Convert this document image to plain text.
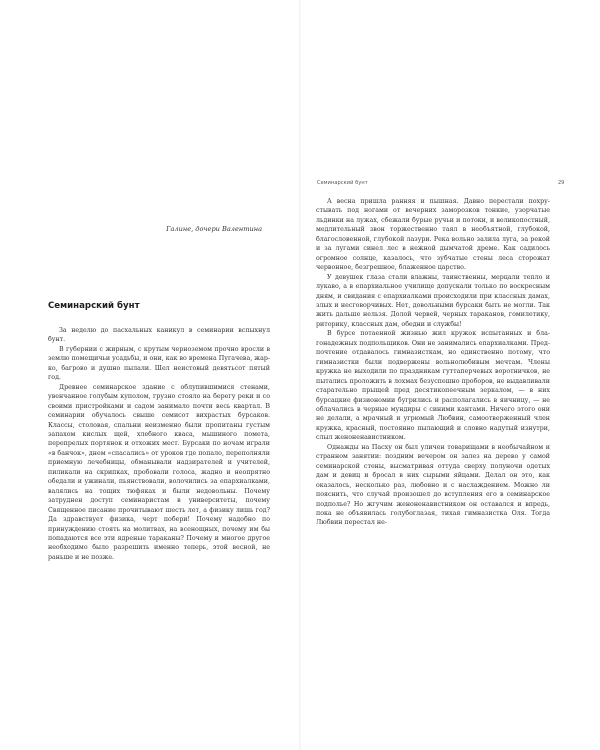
Галине, дочери Валентина
Семинарский бунт

За неделю до пасхальных каникул в семинарии вспыхнул бунт.

В губернии с жирным, с крутым черноземом прочно вросли в землю помещичьи усадьбы, и они, как во времена Пугачева, жарко, багрово и душно пылали. Шел неистовый девятьсот пятый год.

Древнее семинарское здание с облупившимися стенами, увенчанное голубым куполом, грузно стояло на берегу реки и со своими пристройками и садом занимало почти весь квартал. В семинарии обучалось свыше семисот вихрастых бурсаков. Классы, столовая, спальни неизменно были пропитаны густым запахом кислых щей, хлебного кваса, мышиного помета, перепрелых портянок и отхожих мест. Бурсаки по ночам играли «в банчок», днем «спасались» от уроков где попало, переполняли приемную лечебницы, обманывали надзирателей и учителей, пиликали на скрипках, пробовали голоса, жадно и неопрятно обедали и ужинали, пьянствовали, волочились за епархиалками, валялись на тощих тюфяках и были недовольны. Почему затруднен доступ семинаристам в университеты, почему Священное писание прочитывают шесть лет, а физику лишь год? Да здравствует физика, черт побери! Почему надобно по принуждению стоять на молитвах, на всенощных, почему им бы попадаются все эти ядреные тараканы? Почему и многое другое необходимо было разрешить именно теперь, этой весной, не раньше и не позже.

Семинарский бунт	29

А весна пришла ранняя и пышная. Давно перестали похрустывать под ногами от вечерних заморозков тонкие, узорчатые льдинки на лужах, сбежали бурые ручьи и потоки, и великопостный, медлительный звон торжественно таял в необъятной, глубокой, благословенной, глубокой лазури. Река вольно залила луга, за рекой и за лугами синел лес в нежной дымчатой дреме. Как садилось огромное солнце, казалось, что зубчатые стены леса сторожат червонное, безгрешное, блаженное царство.

У девушек глаза стали влажны, таинственны, мерцали тепло и лукаво, а в епархиальное училище допускали только по воскресным дням, и свидания с епархиалками происходили при классных дамах, злых и несговорчивых. Нет, довольными бурсаки быть не могли. Так жить дальше нельзя. Долой червей, черных тараканов, гомилетику, риторику, классных дам, обедни и службы!

В бурсе потаенной жизнью жил кружок испытанных и благонадежных подпольщиков. Они не занимались епархиалками. Предпочтение отдавалось гимназисткам, но единственно потому, что гимназистки были подвержены вольнолюбивым мечтам. Члены кружка не выходили по праздникам гуттаперчевых воротничков, не пытались проложить в лохмах безуспешно проборов, не выдавливали старательно прыщей пред десятикопеечным зеркалом, — в них бурсацкие физиономии бугрились и располагались в яичницу, — не облачались в черные мундиры с синими кантами. Ничего этого они не делали, а мрачный и угрюмый Любвин, самоотверженный член кружка, красный, постоянно пылающий и словно надутый изнутри, слыл женоненавистником.

Однажды на Пасху он был уличен товарищами в необычайном и странном занятии: поздним вечером он залез на дерево у самой семинарской стены, высматривая оттуда сверху полуночи одетых дам и девиц и бросал в них сырыми яйцами. Делал он это, как оказалось, несколько раз, любовно и с наслаждением. Можно ли пояснить, что случай произошел до вступления его в семинарское подполье? Но жгучим женоненавистником он оставался и впредь, пока не объявилась голубоглазая, тихая гимназистка Оля. Тогда Любвин перестал не-
